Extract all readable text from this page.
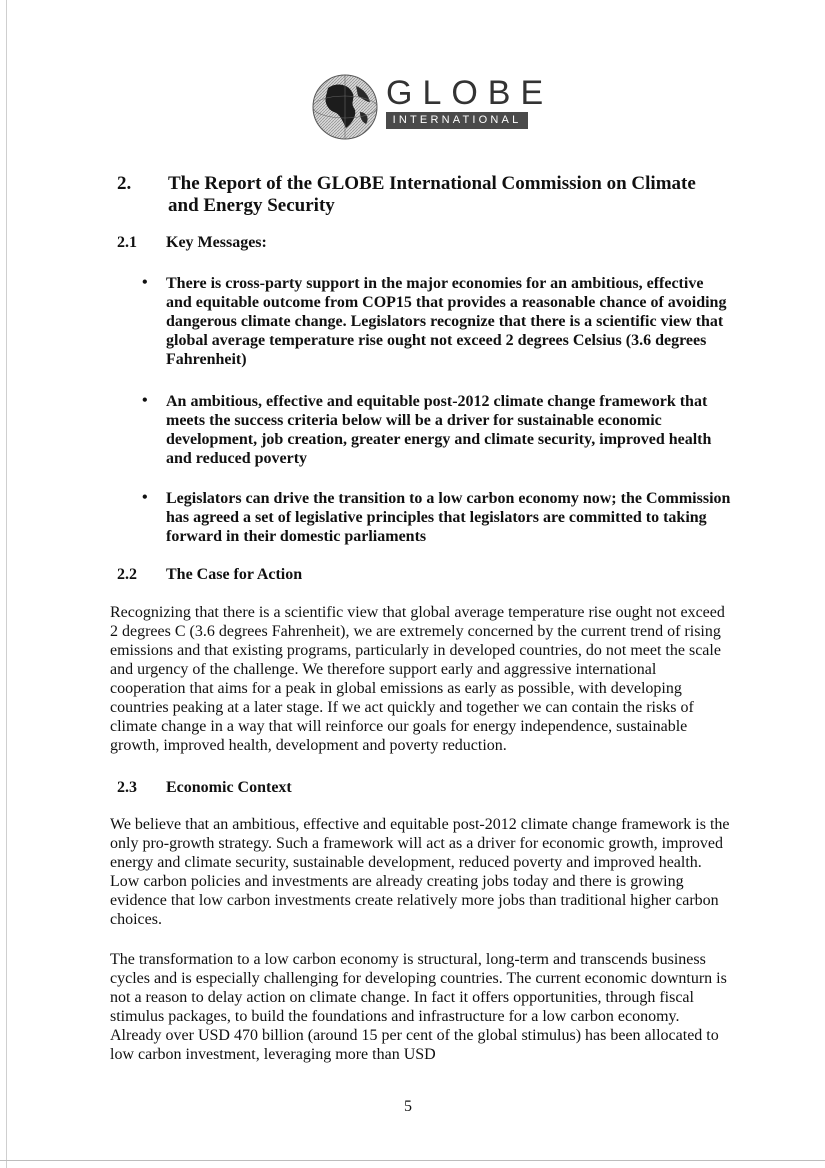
GLOBE
INTERNATIONAL
2. The Report of the GLOBE International Commission on Climate
and Energy Security
2.1 Key Messages:
• There is cross-party support in the major economies for an ambitious, effective and equitable outcome from COP15 that provides a reasonable chance of avoiding dangerous climate change. Legislators recognize that there is a scientific view that global average temperature rise ought not exceed 2 degrees Celsius (3.6 degrees Fahrenheit)
• An ambitious, effective and equitable post-2012 climate change framework that meets the success criteria below will be a driver for sustainable economic development, job creation, greater energy and climate security, improved health and reduced poverty
• Legislators can drive the transition to a low carbon economy now; the Commission has agreed a set of legislative principles that legislators are committed to taking forward in their domestic parliaments
2.2 The Case for Action
Recognizing that there is a scientific view that global average temperature rise ought not exceed 2 degrees C (3.6 degrees Fahrenheit), we are extremely concerned by the current trend of rising emissions and that existing programs, particularly in developed countries, do not meet the scale and urgency of the challenge. We therefore support early and aggressive international cooperation that aims for a peak in global emissions as early as possible, with developing countries peaking at a later stage. If we act quickly and together we can contain the risks of climate change in a way that will reinforce our goals for energy independence, sustainable growth, improved health, development and poverty reduction.
2.3 Economic Context
We believe that an ambitious, effective and equitable post-2012 climate change framework is the only pro-growth strategy. Such a framework will act as a driver for economic growth, improved energy and climate security, sustainable development, reduced poverty and improved health. Low carbon policies and investments are already creating jobs today and there is growing evidence that low carbon investments create relatively more jobs than traditional higher carbon choices.
The transformation to a low carbon economy is structural, long-term and transcends business cycles and is especially challenging for developing countries. The current economic downturn is not a reason to delay action on climate change. In fact it offers opportunities, through fiscal stimulus packages, to build the foundations and infrastructure for a low carbon economy. Already over USD 470 billion (around 15 per cent of the global stimulus) has been allocated to low carbon investment, leveraging more than USD
5
